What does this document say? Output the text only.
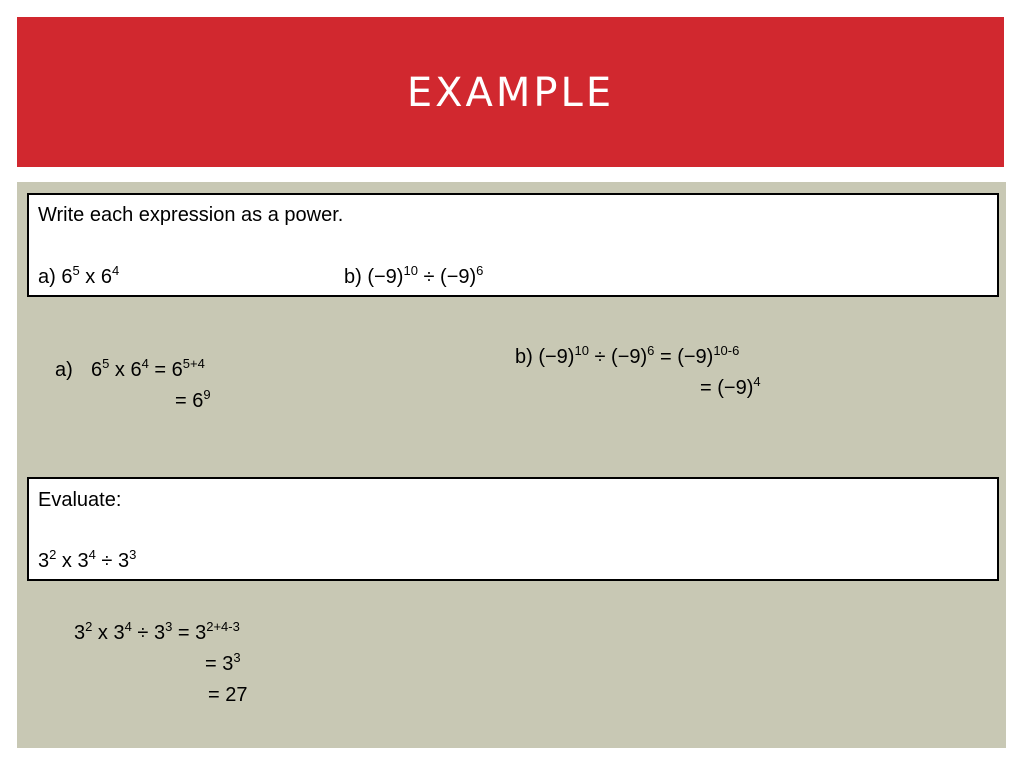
EXAMPLE
Write each expression as a power.
a) $6^5$ x $6^4$	b) $(-9)^{10} \div (-9)^6$
a) $6^5$ x $6^4 = 6^{5+4}$
= $6^9$
b) $(-9)^{10} \div (-9)^6 = (-9)^{10-6}$
= $(-9)^4$
Evaluate:
$3^2$ x $3^4 \div 3^3$
$3^2$ x $3^4 \div 3^3 = 3^{2+4-3}$
= $3^3$
= 27
